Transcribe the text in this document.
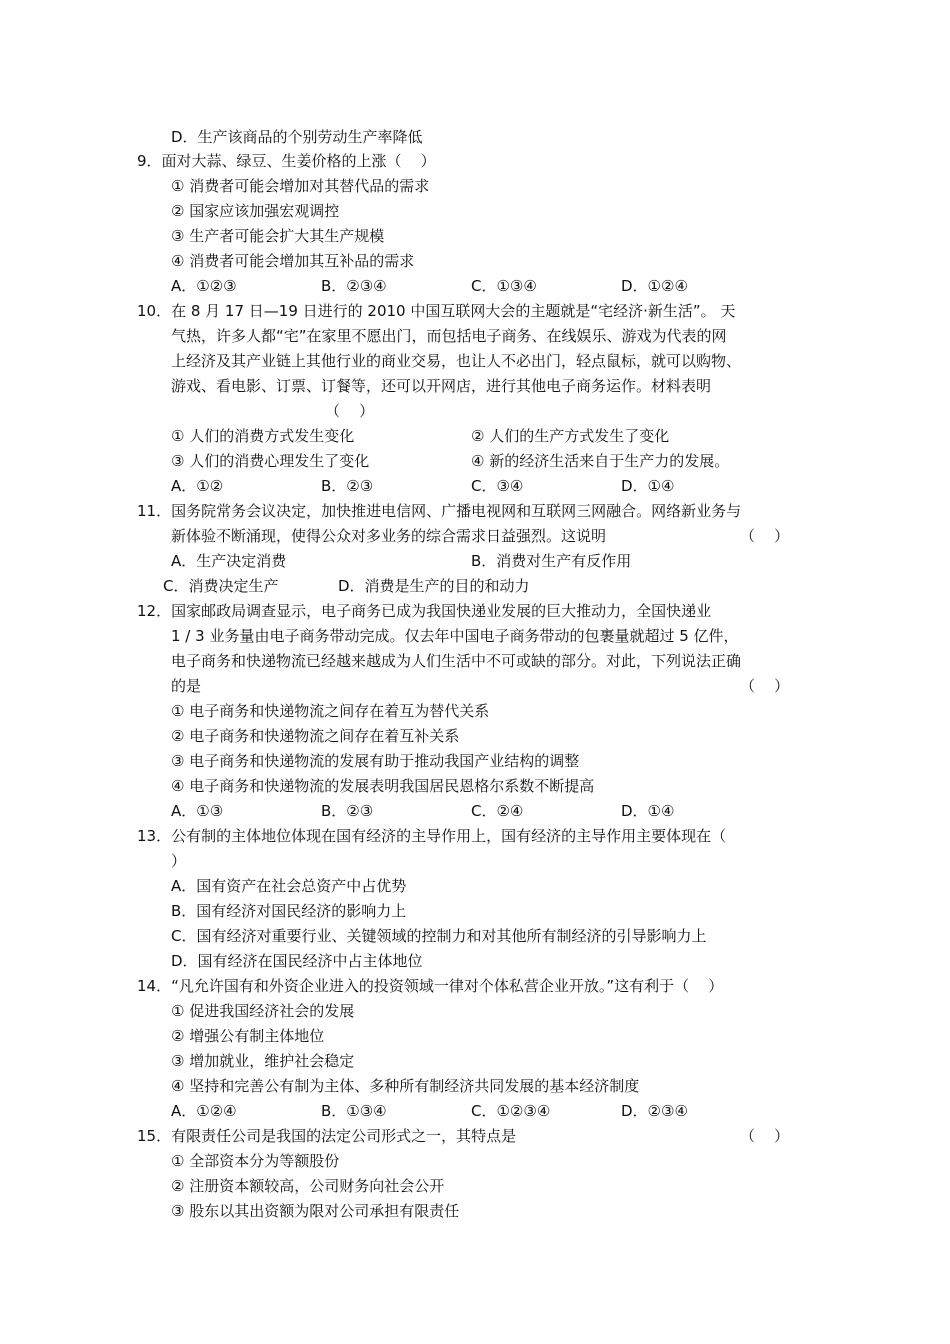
D．生产该商品的个别劳动生产率降低
9．面对大蒜、绿豆、生姜价格的上涨（    ）
① 消费者可能会增加对其替代品的需求
② 国家应该加强宏观调控
③ 生产者可能会扩大其生产规模
④ 消费者可能会增加其互补品的需求
A．①②③	B．②③④	C．①③④	D．①②④
10．在 8 月 17 日—19 日进行的 2010 中国互联网大会的主题就是“宅经济·新生活”。 天
气热，许多人都“宅”在家里不愿出门，而包括电子商务、在线娱乐、游戏为代表的网
上经济及其产业链上其他行业的商业交易，也让人不必出门，轻点鼠标，就可以购物、
游戏、看电影、订票、订餐等，还可以开网店，进行其他电子商务运作。材料表明
（    ）
① 人们的消费方式发生变化	② 人们的生产方式发生了变化
③ 人们的消费心理发生了变化	④ 新的经济生活来自于生产力的发展。
A．①②	B．②③	C．③④	D．①④
11．国务院常务会议决定，加快推进电信网、广播电视网和互联网三网融合。网络新业务与
新体验不断涌现，使得公众对多业务的综合需求日益强烈。这说明	（    ）
A．生产决定消费	B．消费对生产有反作用
C．消费决定生产	D．消费是生产的目的和动力
12．国家邮政局调查显示，电子商务已成为我国快递业发展的巨大推动力，全国快递业
1 / 3 业务量由电子商务带动完成。仅去年中国电子商务带动的包裹量就超过 5 亿件，
电子商务和快递物流已经越来越成为人们生活中不可或缺的部分。对此，下列说法正确
的是	（    ）
① 电子商务和快递物流之间存在着互为替代关系
② 电子商务和快递物流之间存在着互补关系
③ 电子商务和快递物流的发展有助于推动我国产业结构的调整
④ 电子商务和快递物流的发展表明我国居民恩格尔系数不断提高
A．①③	B．②③	C．②④	D．①④
13．公有制的主体地位体现在国有经济的主导作用上，国有经济的主导作用主要体现在（
）
A．国有资产在社会总资产中占优势
B．国有经济对国民经济的影响力上
C．国有经济对重要行业、关键领域的控制力和对其他所有制经济的引导影响力上
D．国有经济在国民经济中占主体地位
14．“凡允许国有和外资企业进入的投资领域一律对个体私营企业开放。”这有利于（    ）
① 促进我国经济社会的发展
② 增强公有制主体地位
③ 增加就业，维护社会稳定
④ 坚持和完善公有制为主体、多种所有制经济共同发展的基本经济制度
A．①②④	B．①③④	C．①②③④	D．②③④
15．有限责任公司是我国的法定公司形式之一，其特点是	（    ）
① 全部资本分为等额股份
② 注册资本额较高，公司财务向社会公开
③ 股东以其出资额为限对公司承担有限责任
